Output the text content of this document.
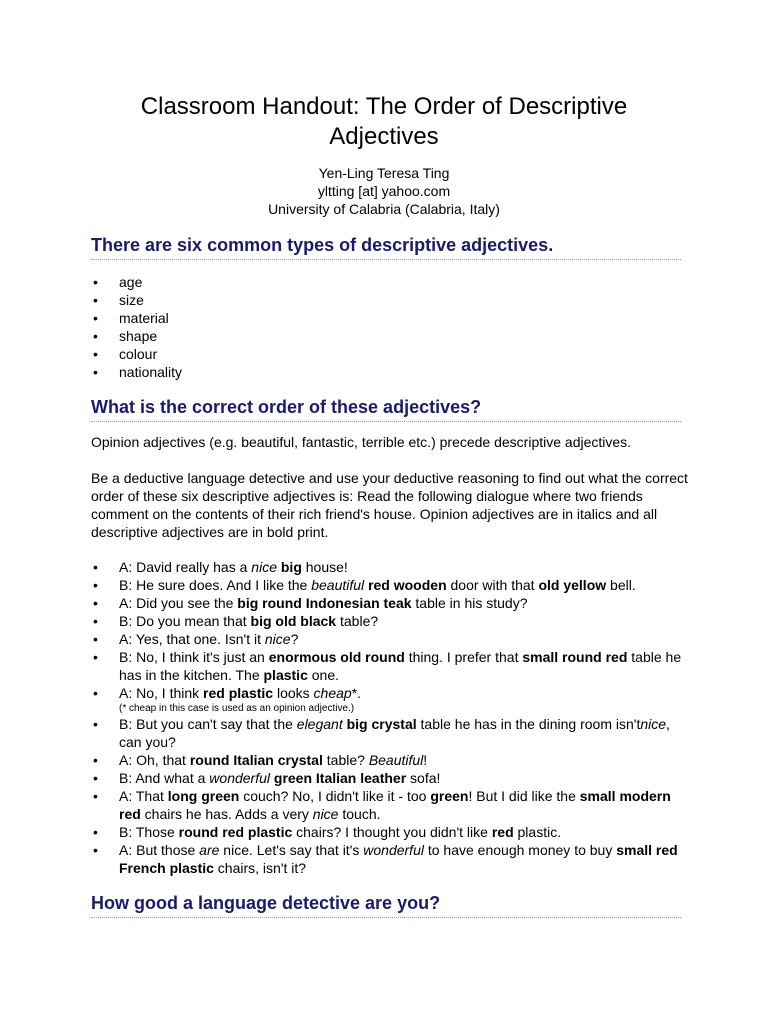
Classroom Handout: The Order of Descriptive
Adjectives
Yen-Ling Teresa Ting
yltting [at] yahoo.com
University of Calabria (Calabria, Italy)
There are six common types of descriptive adjectives.
• age
• size
• material
• shape
• colour
• nationality
What is the correct order of these adjectives?

Opinion adjectives (e.g. beautiful, fantastic, terrible etc.) precede descriptive adjectives.

Be a deductive language detective and use your deductive reasoning to find out what the correct order of these six descriptive adjectives is: Read the following dialogue where two friends comment on the contents of their rich friend's house. Opinion adjectives are in italics and all descriptive adjectives are in bold print.

• A: David really has a nice big house!
• B: He sure does. And I like the beautiful red wooden door with that old yellow bell.
• A: Did you see the big round Indonesian teak table in his study?
• B: Do you mean that big old black table?
• A: Yes, that one. Isn't it nice?
• B: No, I think it's just an enormous old round thing. I prefer that small round red table he has in the kitchen. The plastic one.
• A: No, I think red plastic looks cheap*.
(* cheap in this case is used as an opinion adjective.)
• B: But you can't say that the elegant big crystal table he has in the dining room isn'tnice, can you?
• A: Oh, that round Italian crystal table? Beautiful!
• B: And what a wonderful green Italian leather sofa!
• A: That long green couch? No, I didn't like it - too green! But I did like the small modern red chairs he has. Adds a very nice touch.
• B: Those round red plastic chairs? I thought you didn't like red plastic.
• A: But those are nice. Let's say that it's wonderful to have enough money to buy small red French plastic chairs, isn't it?
How good a language detective are you?
